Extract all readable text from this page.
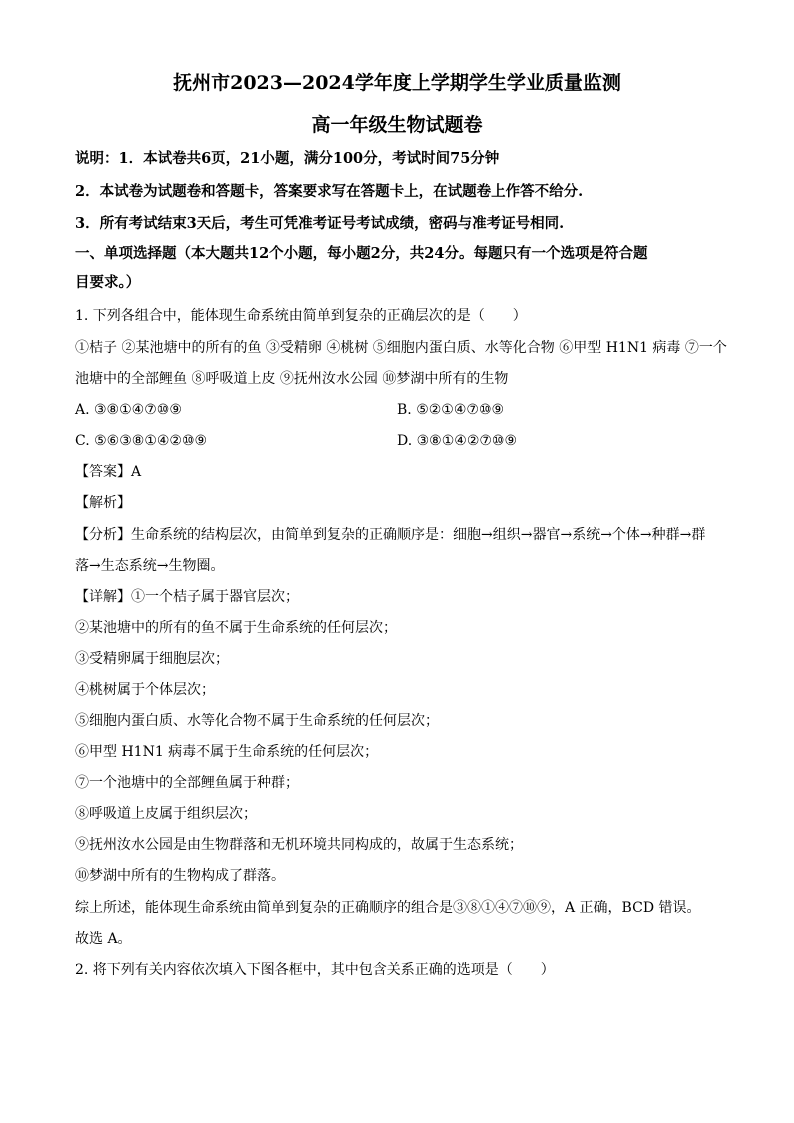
抚州市2023—2024学年度上学期学生学业质量监测
高一年级生物试题卷
说明：1．本试卷共6页，21小题，满分100分，考试时间75分钟
2．本试卷为试题卷和答题卡，答案要求写在答题卡上，在试题卷上作答不给分.
3．所有考试结束3天后，考生可凭准考证号考试成绩，密码与准考证号相同.
一、单项选择题（本大题共12个小题，每小题2分，共24分。每题只有一个选项是符合题
目要求。）
1. 下列各组合中，能体现生命系统由简单到复杂的正确层次的是（　　）
①桔子 ②某池塘中的所有的鱼 ③受精卵 ④桃树 ⑤细胞内蛋白质、水等化合物 ⑥甲型 H1N1 病毒 ⑦一个
池塘中的全部鲤鱼 ⑧呼吸道上皮 ⑨抚州汝水公园 ⑩梦湖中所有的生物
A. ③⑧①④⑦⑩⑨	B. ⑤②①④⑦⑩⑨
C. ⑤⑥③⑧①④②⑩⑨	D. ③⑧①④②⑦⑩⑨
【答案】A
【解析】
【分析】生命系统的结构层次，由简单到复杂的正确顺序是：细胞→组织→器官→系统→个体→种群→群
落→生态系统→生物圈。
【详解】①一个桔子属于器官层次；
②某池塘中的所有的鱼不属于生命系统的任何层次；
③受精卵属于细胞层次；
④桃树属于个体层次；
⑤细胞内蛋白质、水等化合物不属于生命系统的任何层次；
⑥甲型 H1N1 病毒不属于生命系统的任何层次；
⑦一个池塘中的全部鲤鱼属于种群；
⑧呼吸道上皮属于组织层次；
⑨抚州汝水公园是由生物群落和无机环境共同构成的，故属于生态系统；
⑩梦湖中所有的生物构成了群落。
综上所述，能体现生命系统由简单到复杂的正确顺序的组合是③⑧①④⑦⑩⑨，A 正确，BCD 错误。
故选 A。
2. 将下列有关内容依次填入下图各框中，其中包含关系正确的选项是（　　）
